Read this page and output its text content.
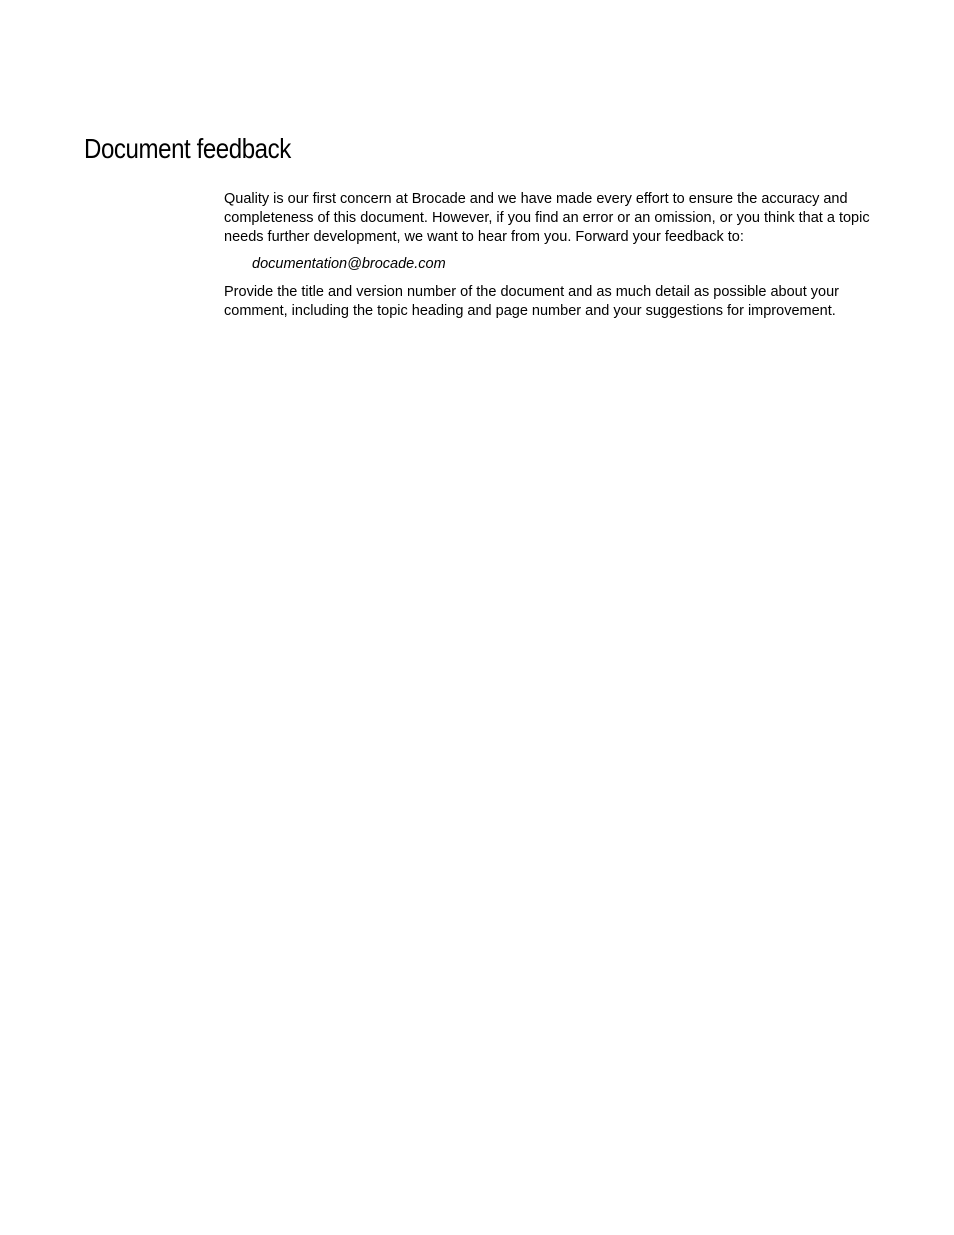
Document feedback

Quality is our first concern at Brocade and we have made every effort to ensure the accuracy and completeness of this document. However, if you find an error or an omission, or you think that a topic needs further development, we want to hear from you. Forward your feedback to:

documentation@brocade.com

Provide the title and version number of the document and as much detail as possible about your comment, including the topic heading and page number and your suggestions for improvement.
